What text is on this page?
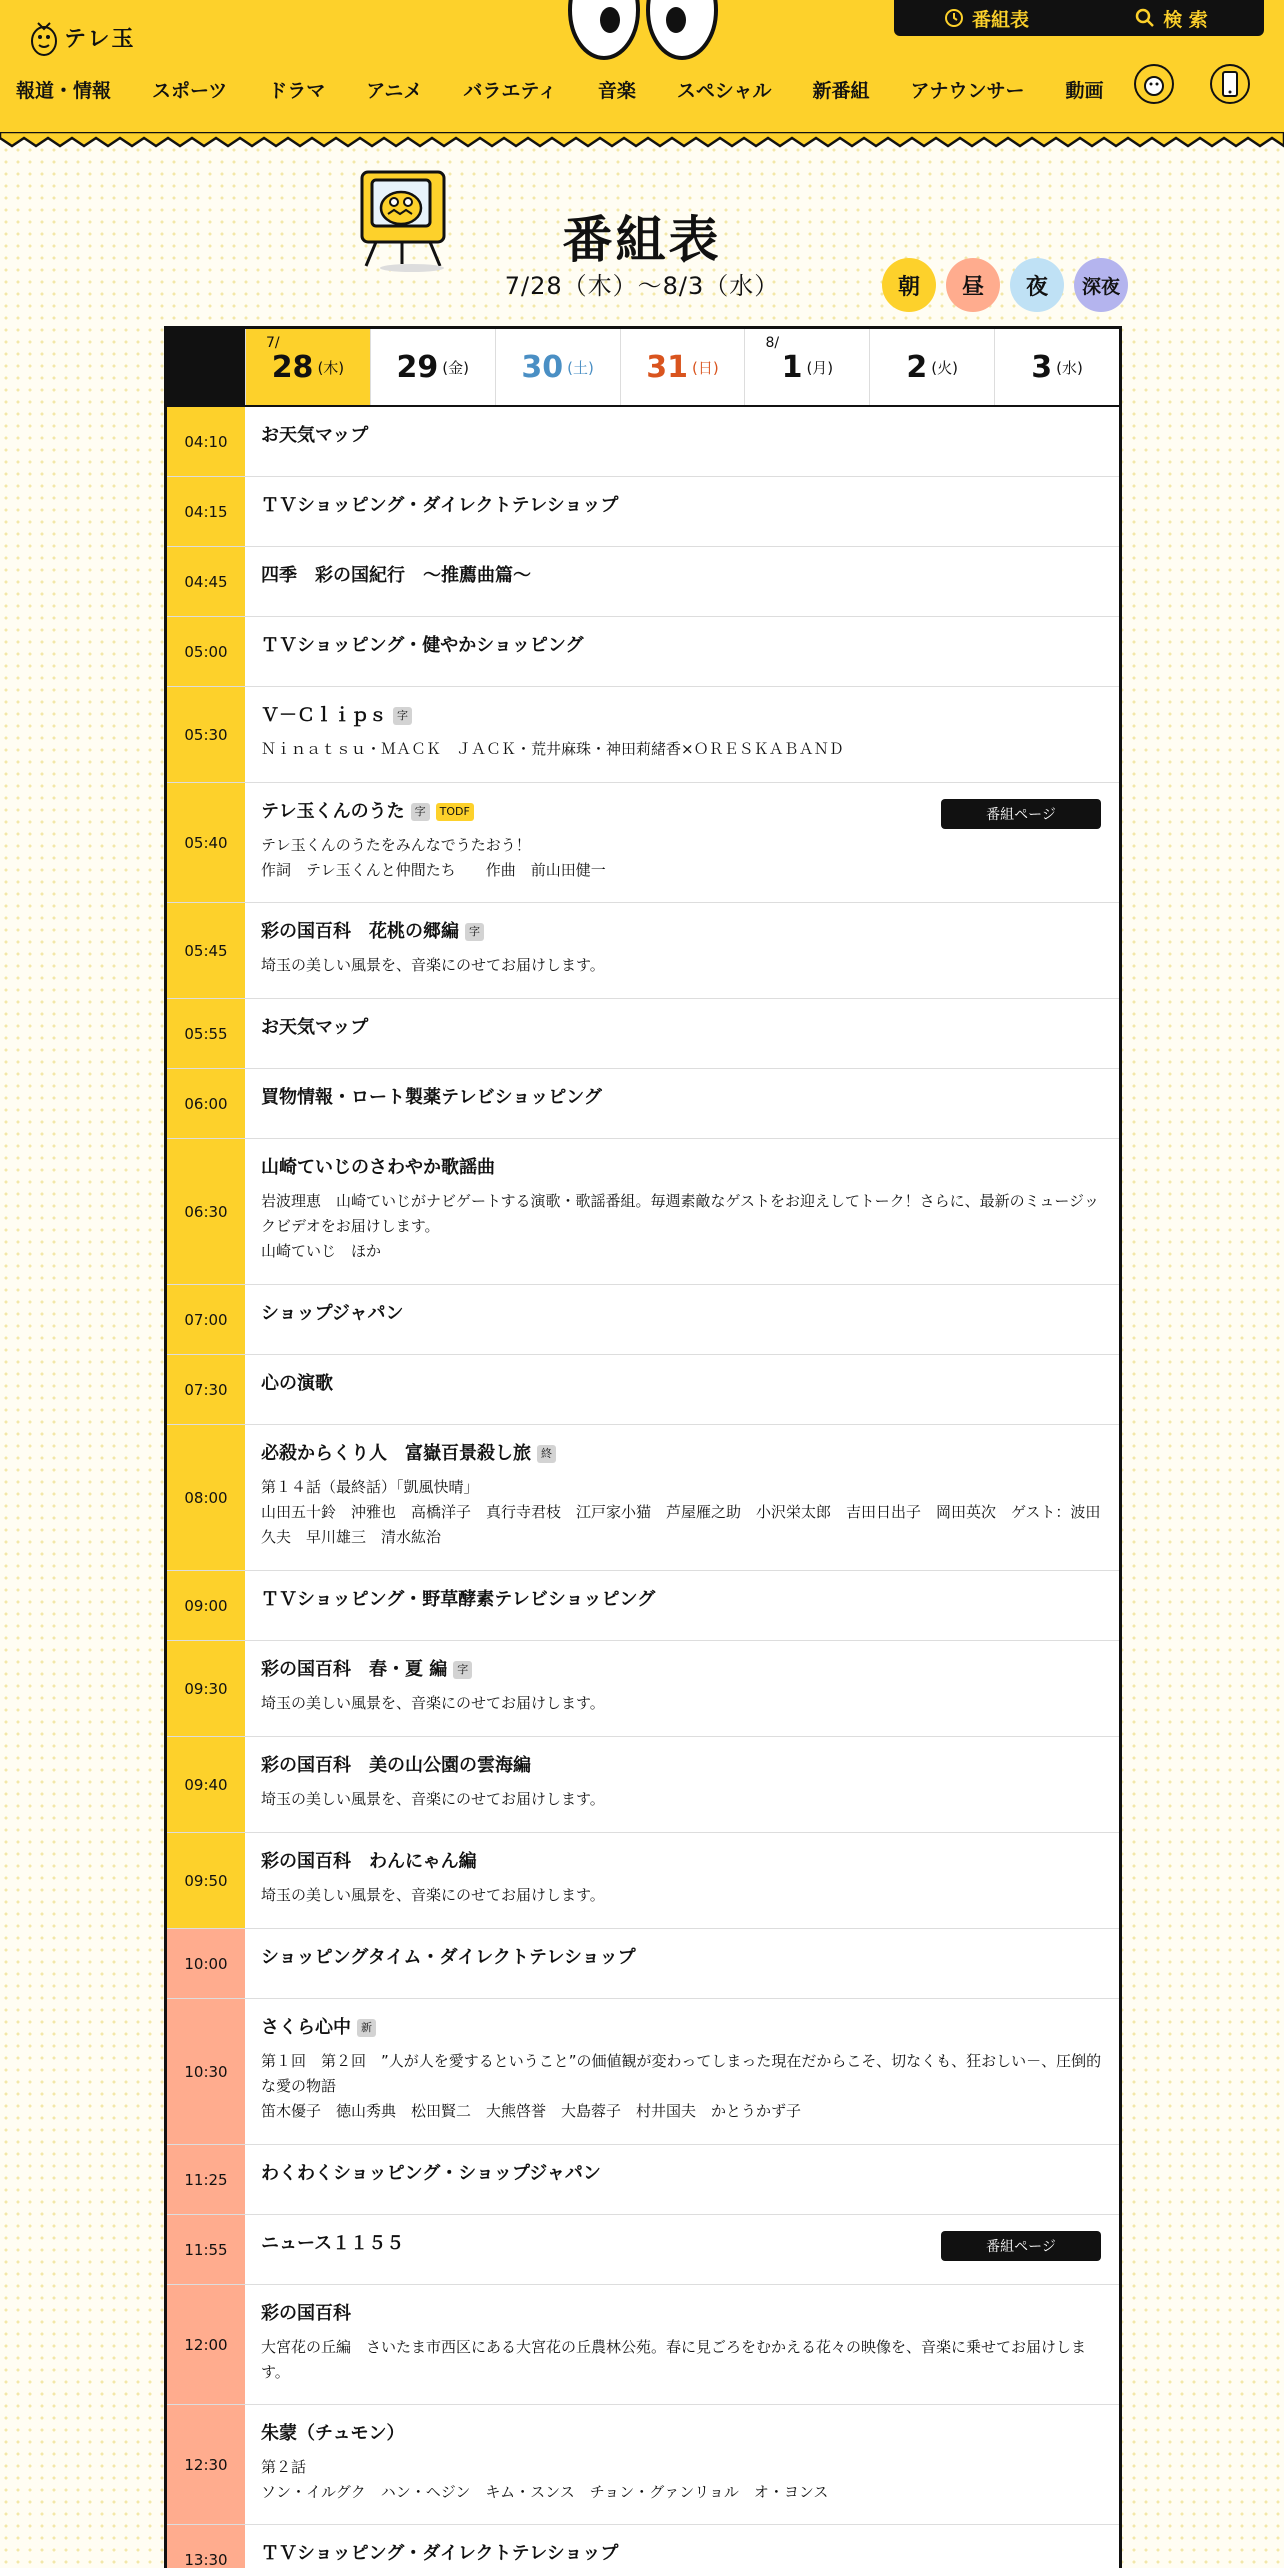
テレ玉
番組表	検 索
報道・情報 スポーツ ドラマ アニメ バラエティ 音楽 スペシャル 新番組 アナウンサー 動画
番組表
7/28（木）〜8/3（水）	朝	昼	夜	深夜
7/
28 (木) 29 (金) 30 (土) 31 (日)
8/
1 (月) 2 (火) 3 (水)
04:10	お天気マップ
04:15	ＴＶショッピング・ダイレクトテレショップ
04:45	四季　彩の国紀行　～推薦曲篇～
05:00	ＴＶショッピング・健やかショッピング
05:30
Ｖ－Ｃｌｉｐｓ 字
Ｎｉｎａｔｓｕ・ＭＡＣＫ　ＪＡＣＫ・荒井麻珠・神田莉緒香×ＯＲＥＳＫＡＢＡＮＤ
05:40
テレ玉くんのうた 字	TODF	番組ページ
テレ玉くんのうたをみんなでうたおう！
作詞　テレ玉くんと仲間たち　　作曲　前山田健一
05:45
彩の国百科　花桃の郷編 字
埼玉の美しい風景を、音楽にのせてお届けします。
05:55	お天気マップ
06:00	買物情報・ロート製薬テレビショッピング
06:30
山崎ていじのさわやか歌謡曲
岩波理恵　山崎ていじがナビゲートする演歌・歌謡番組。毎週素敵なゲストをお迎えしてトーク！さらに、最新のミュージックビデオをお届けします。
山崎ていじ　ほか
07:00	ショップジャパン
07:30	心の演歌
08:00
必殺からくり人　富嶽百景殺し旅 終
第１４話（最終話）「凱風快晴」
山田五十鈴　沖雅也　高橋洋子　真行寺君枝　江戸家小猫　芦屋雁之助　小沢栄太郎　吉田日出子　岡田英次　ゲスト：波田久夫　早川雄三　清水紘治
09:00	ＴＶショッピング・野草酵素テレビショッピング
09:30
彩の国百科　春・夏 編 字
埼玉の美しい風景を、音楽にのせてお届けします。
09:40
彩の国百科　美の山公園の雲海編
埼玉の美しい風景を、音楽にのせてお届けします。
09:50
彩の国百科　わんにゃん編
埼玉の美しい風景を、音楽にのせてお届けします。
10:00	ショッピングタイム・ダイレクトテレショップ
10:30
さくら心中 新
第１回　第２回　”人が人を愛するということ”の価値観が変わってしまった現在だからこそ、切なくも、狂おしい－、圧倒的な愛の物語
笛木優子　徳山秀典　松田賢二　大熊啓誉　大島蓉子　村井国夫　かとうかず子
11:25	わくわくショッピング・ショップジャパン
11:55	ニュース１１５５	番組ページ
12:00
彩の国百科
大宮花の丘編　さいたま市西区にある大宮花の丘農林公苑。春に見ごろをむかえる花々の映像を、音楽に乗せてお届けします。
12:30
朱蒙（チュモン）
第２話
ソン・イルグク　ハン・ヘジン　キム・スンス　チョン・グァンリョル　オ・ヨンス
13:30	ＴＶショッピング・ダイレクトテレショップ
